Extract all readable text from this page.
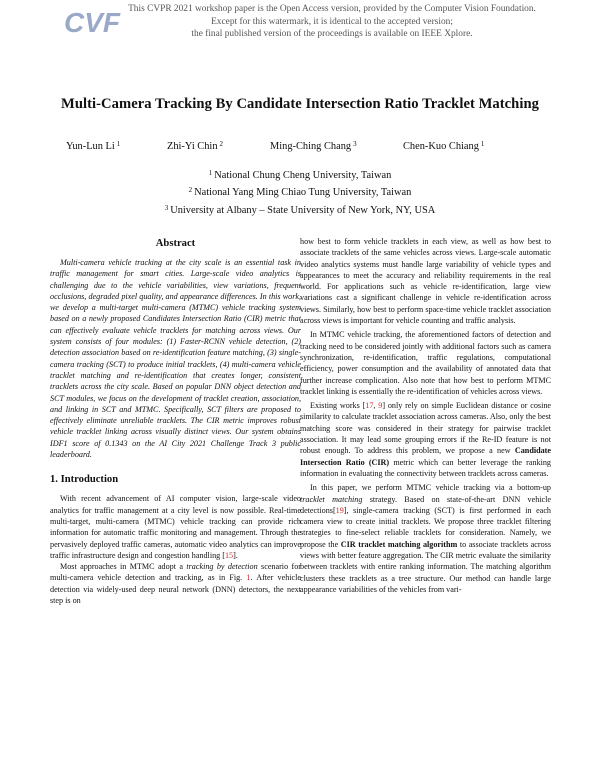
CVF This CVPR 2021 workshop paper is the Open Access version, provided by the Computer Vision Foundation.
Except for this watermark, it is identical to the accepted version;
the final published version of the proceedings is available on IEEE Xplore.
Multi-Camera Tracking By Candidate Intersection Ratio Tracklet Matching
Yun-Lun Li $^1$	Zhi-Yi Chin $^2$	Ming-Ching Chang $^3$	Chen-Kuo Chiang $^1$
$^1$ National Chung Cheng University, Taiwan
$^2$ National Yang Ming Chiao Tung University, Taiwan
$^3$ University at Albany – State University of New York, NY, USA
Abstract

Multi-camera vehicle tracking at the city scale is an essential task in traffic management for smart cities. Large-scale video analytics is challenging due to the vehicle variabilities, view variations, frequent occlusions, degraded pixel quality, and appearance differences. In this work, we develop a multi-target multi-camera (MTMC) vehicle tracking system based on a newly proposed Candidates Intersection Ratio (CIR) metric that can effectively evaluate vehicle tracklets for matching across views. Our system consists of four modules: (1) Faster-RCNN vehicle detection, (2) detection association based on re-identification feature matching, (3) single-camera tracking (SCT) to produce initial tracklets, (4) multi-camera vehicle tracklet matching and re-identification that creates longer, consistent tracklets across the city scale. Based on popular DNN object detection and SCT modules, we focus on the development of tracklet creation, association, and linking in SCT and MTMC. Specifically, SCT filters are proposed to effectively eliminate unreliable tracklets. The CIR metric improves robust vehicle tracklet linking across visually distinct views. Our system obtains IDF1 score of 0.1343 on the AI City 2021 Challenge Track 3 public leaderboard.

1. Introduction

With recent advancement of AI computer vision, large-scale video analytics for traffic management at a city level is now possible. Real-time multi-target, multi-camera (MTMC) vehicle tracking can provide rich information for automatic traffic monitoring and management. Through the pervasively deployed traffic cameras, automatic video analytics can improve traffic infrastructure design and congestion handling [15].

Most approaches in MTMC adopt a tracking by detection scenario for multi-camera vehicle detection and tracking, as in Fig. 1. After vehicle detection via widely-used deep neural network (DNN) detectors, the next step is on

how best to form vehicle tracklets in each view, as well as how best to associate tracklets of the same vehicles across views. Large-scale automatic video analytics systems must handle large variability of vehicle types and appearances to meet the accuracy and reliability requirements in the real world. For applications such as vehicle re-identification, large view variations cast a significant challenge in vehicle re-identification across views. Similarly, how best to perform space-time vehicle tracklet association across views is important for vehicle counting and traffic analysis.

In MTMC vehicle tracking, the aforementioned factors of detection and tracking need to be considered jointly with additional factors such as camera synchronization, re-identification, traffic regulations, computational efficiency, power consumption and the availability of annotated data that further increase complication. Also note that how best to perform MTMC tracklet linking is essentially the re-identification of vehicles across views.

Existing works [17, 9] only rely on simple Euclidean distance or cosine similarity to calculate tracklet association across cameras. Also, only the best matching score was considered in their strategy for pairwise tracklet association. It may lead some grouping errors if the Re-ID feature is not robust enough. To address this problem, we propose a new Candidate Intersection Ratio (CIR) metric which can better leverage the ranking information in evaluating the connectivity between tracklets across cameras.

In this paper, we perform MTMC vehicle tracking via a bottom-up tracklet matching strategy. Based on state-of-the-art DNN vehicle detections[19], single-camera tracking (SCT) is first performed in each camera view to create initial tracklets. We propose three tracklet filtering strategies to fine-select reliable tracklets for consideration. Namely, we propose the CIR tracklet matching algorithm to associate tracklets across views with better feature aggregation. The CIR metric evaluate the similarity between tracklets with entire ranking information. The matching algorithm clusters these tracklets as a tree structure. Our method can handle large appearance variabilities of the vehicles from vari-
